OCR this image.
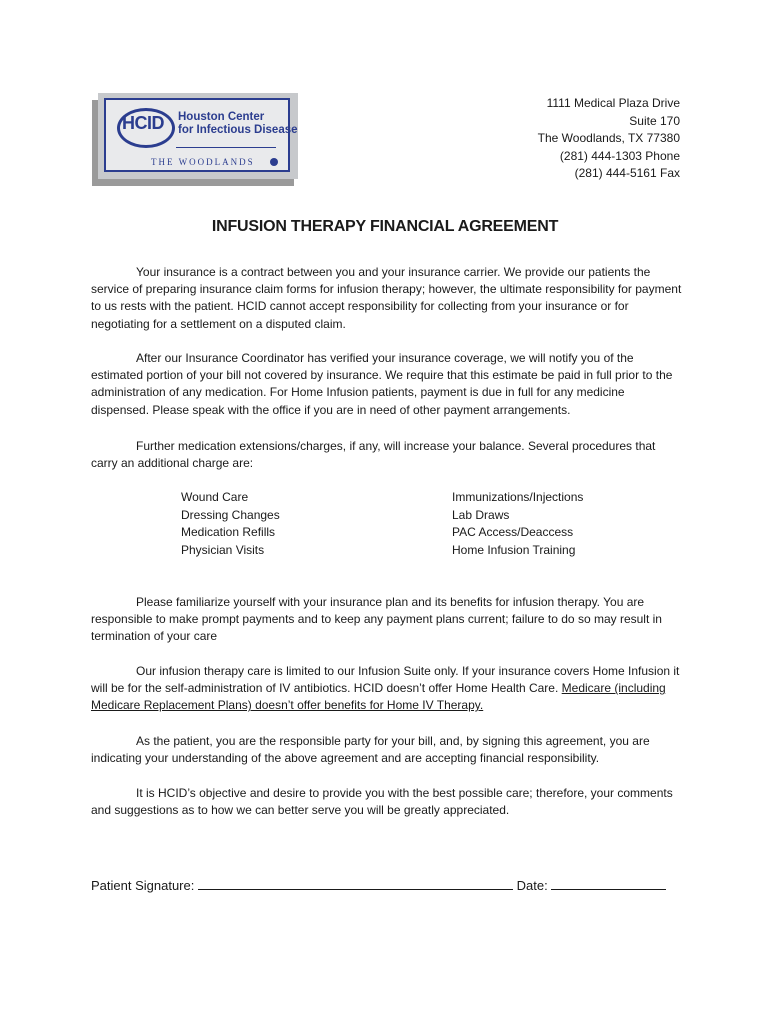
HCID Houston Center
for Infectious Disease
THE WOODLANDS
1111 Medical Plaza Drive
Suite 170
The Woodlands, TX 77380
(281) 444-1303 Phone
(281) 444-5161 Fax
INFUSION THERAPY FINANCIAL AGREEMENT
Your insurance is a contract between you and your insurance carrier. We provide our patients the service of preparing insurance claim forms for infusion therapy; however, the ultimate responsibility for payment to us rests with the patient. HCID cannot accept responsibility for collecting from your insurance or for negotiating for a settlement on a disputed claim.
After our Insurance Coordinator has verified your insurance coverage, we will notify you of the estimated portion of your bill not covered by insurance. We require that this estimate be paid in full prior to the administration of any medication. For Home Infusion patients, payment is due in full for any medicine dispensed. Please speak with the office if you are in need of other payment arrangements.
Further medication extensions/charges, if any, will increase your balance. Several procedures that carry an additional charge are:
Wound Care
Dressing Changes
Medication Refills
Physician Visits
Immunizations/Injections
Lab Draws
PAC Access/Deaccess
Home Infusion Training
Please familiarize yourself with your insurance plan and its benefits for infusion therapy. You are responsible to make prompt payments and to keep any payment plans current; failure to do so may result in termination of your care
Our infusion therapy care is limited to our Infusion Suite only. If your insurance covers Home Infusion it will be for the self-administration of IV antibiotics. HCID doesn’t offer Home Health Care. Medicare (including Medicare Replacement Plans) doesn’t offer benefits for Home IV Therapy.
As the patient, you are the responsible party for your bill, and, by signing this agreement, you are indicating your understanding of the above agreement and are accepting financial responsibility.
It is HCID’s objective and desire to provide you with the best possible care; therefore, your comments and suggestions as to how we can better serve you will be greatly appreciated.
Patient Signature:	Date:
